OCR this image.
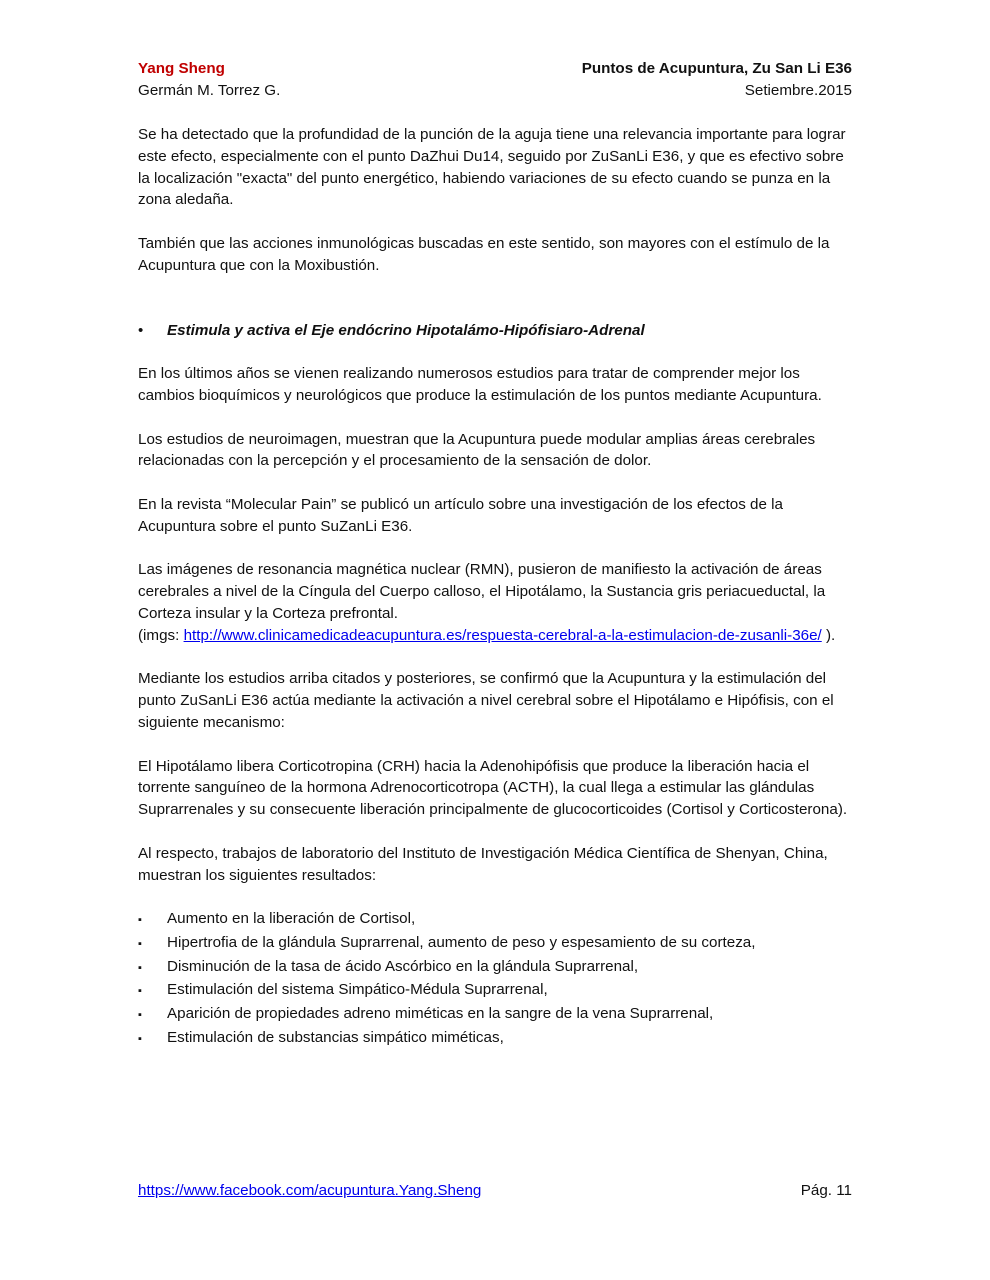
Yang Sheng	Puntos de Acupuntura, Zu San Li E36
Germán M. Torrez G.	Setiembre.2015

Se ha detectado que la profundidad de la punción de la aguja tiene una relevancia importante para lograr este efecto, especialmente con el punto DaZhui Du14, seguido por ZuSanLi E36, y que es efectivo sobre la localización "exacta" del punto energético, habiendo variaciones de su efecto cuando se punza en la zona aledaña.

También que las acciones inmunológicas buscadas en este sentido, son mayores con el estímulo de la Acupuntura que con la Moxibustión.

•	Estimula y activa el Eje endócrino Hipotalámo-Hipófisiaro-Adrenal

En los últimos años se vienen realizando numerosos estudios para tratar de comprender mejor los cambios bioquímicos y neurológicos que produce la estimulación de los puntos mediante Acupuntura.

Los estudios de neuroimagen, muestran que la Acupuntura puede modular amplias áreas cerebrales relacionadas con la percepción y el procesamiento de la sensación de dolor.

En la revista “Molecular Pain” se publicó un artículo sobre una investigación de los efectos de la Acupuntura sobre el punto SuZanLi E36.

Las imágenes de resonancia magnética nuclear (RMN), pusieron de manifiesto la activación de áreas cerebrales a nivel de la Cíngula del Cuerpo calloso, el Hipotálamo, la Sustancia gris periacueductal, la Corteza insular y la Corteza prefrontal.
(imgs: http://www.clinicamedicadeacupuntura.es/respuesta-cerebral-a-la-estimulacion-de-zusanli-36e/ ).

Mediante los estudios arriba citados y posteriores, se confirmó que la Acupuntura y la estimulación del punto ZuSanLi E36 actúa mediante la activación a nivel cerebral sobre el Hipotálamo e Hipófisis, con el siguiente mecanismo:

El Hipotálamo libera Corticotropina (CRH) hacia la Adenohipófisis que produce la liberación hacia el torrente sanguíneo de la hormona Adrenocorticotropa (ACTH), la cual llega a estimular las glándulas Suprarrenales y su consecuente liberación principalmente de glucocorticoides (Cortisol y Corticosterona).

Al respecto, trabajos de laboratorio del Instituto de Investigación Médica Científica de Shenyan, China, muestran los siguientes resultados:

▪	Aumento en la liberación de Cortisol,
▪	Hipertrofia de la glándula Suprarrenal, aumento de peso y espesamiento de su corteza,
▪	Disminución de la tasa de ácido Ascórbico en la glándula Suprarrenal,
▪	Estimulación del sistema Simpático-Médula Suprarrenal,
▪	Aparición de propiedades adreno miméticas en la sangre de la vena Suprarrenal,
▪	Estimulación de substancias simpático miméticas,
https://www.facebook.com/acupuntura.Yang.Sheng	Pág. 11
